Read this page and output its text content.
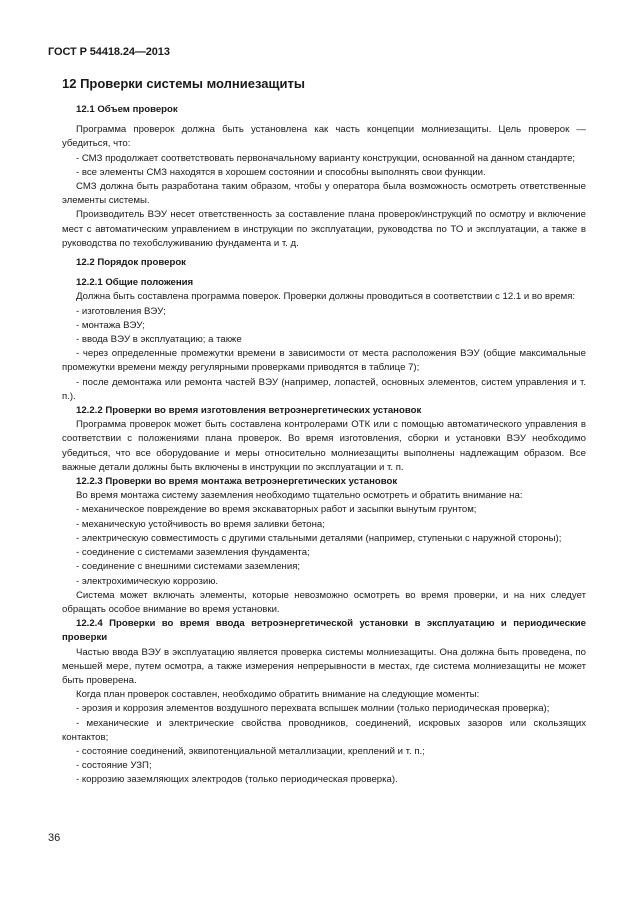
ГОСТ Р 54418.24—2013
12 Проверки системы молниезащиты
12.1 Объем проверок
Программа проверок должна быть установлена как часть концепции молниезащиты. Цель проверок — убедиться, что:
- СМЗ продолжает соответствовать первоначальному варианту конструкции, основанной на данном стандарте;
- все элементы СМЗ находятся в хорошем состоянии и способны выполнять свои функции.
СМЗ должна быть разработана таким образом, чтобы у оператора была возможность осмотреть ответственные элементы системы.
Производитель ВЭУ несет ответственность за составление плана проверок/инструкций по осмотру и включение мест с автоматическим управлением в инструкции по эксплуатации, руководства по ТО и эксплуатации, а также в руководства по техобслуживанию фундамента и т. д.
12.2 Порядок проверок
12.2.1 Общие положения
Должна быть составлена программа поверок. Проверки должны проводиться в соответствии с 12.1 и во время:
- изготовления ВЭУ;
- монтажа ВЭУ;
- ввода ВЭУ в эксплуатацию; а также
- через определенные промежутки времени в зависимости от места расположения ВЭУ (общие максимальные промежутки времени между регулярными проверками приводятся в таблице 7);
- после демонтажа или ремонта частей ВЭУ (например, лопастей, основных элементов, систем управления и т. п.).
12.2.2 Проверки во время изготовления ветроэнергетических установок
Программа проверок может быть составлена контролерами ОТК или с помощью автоматического управления в соответствии с положениями плана проверок. Во время изготовления, сборки и установки ВЭУ необходимо убедиться, что все оборудование и меры относительно молниезащиты выполнены надлежащим образом. Все важные детали должны быть включены в инструкции по эксплуатации и т. п.
12.2.3 Проверки во время монтажа ветроэнергетических установок
Во время монтажа систему заземления необходимо тщательно осмотреть и обратить внимание на:
- механическое повреждение во время экскаваторных работ и засыпки вынутым грунтом;
- механическую устойчивость во время заливки бетона;
- электрическую совместимость с другими стальными деталями (например, ступеньки с наружной стороны);
- соединение с системами заземления фундамента;
- соединение с внешними системами заземления;
- электрохимическую коррозию.
Система может включать элементы, которые невозможно осмотреть во время проверки, и на них следует обращать особое внимание во время установки.
12.2.4 Проверки во время ввода ветроэнергетической установки в эксплуатацию и периодические проверки
Частью ввода ВЭУ в эксплуатацию является проверка системы молниезащиты. Она должна быть проведена, по меньшей мере, путем осмотра, а также измерения непрерывности в местах, где система молниезащиты не может быть проверена.
Когда план проверок составлен, необходимо обратить внимание на следующие моменты:
- эрозия и коррозия элементов воздушного перехвата вспышек молнии (только периодическая проверка);
- механические и электрические свойства проводников, соединений, искровых зазоров или скользящих контактов;
- состояние соединений, эквипотенциальной металлизации, креплений и т. п.;
- состояние УЗП;
- коррозию заземляющих электродов (только периодическая проверка).
36
